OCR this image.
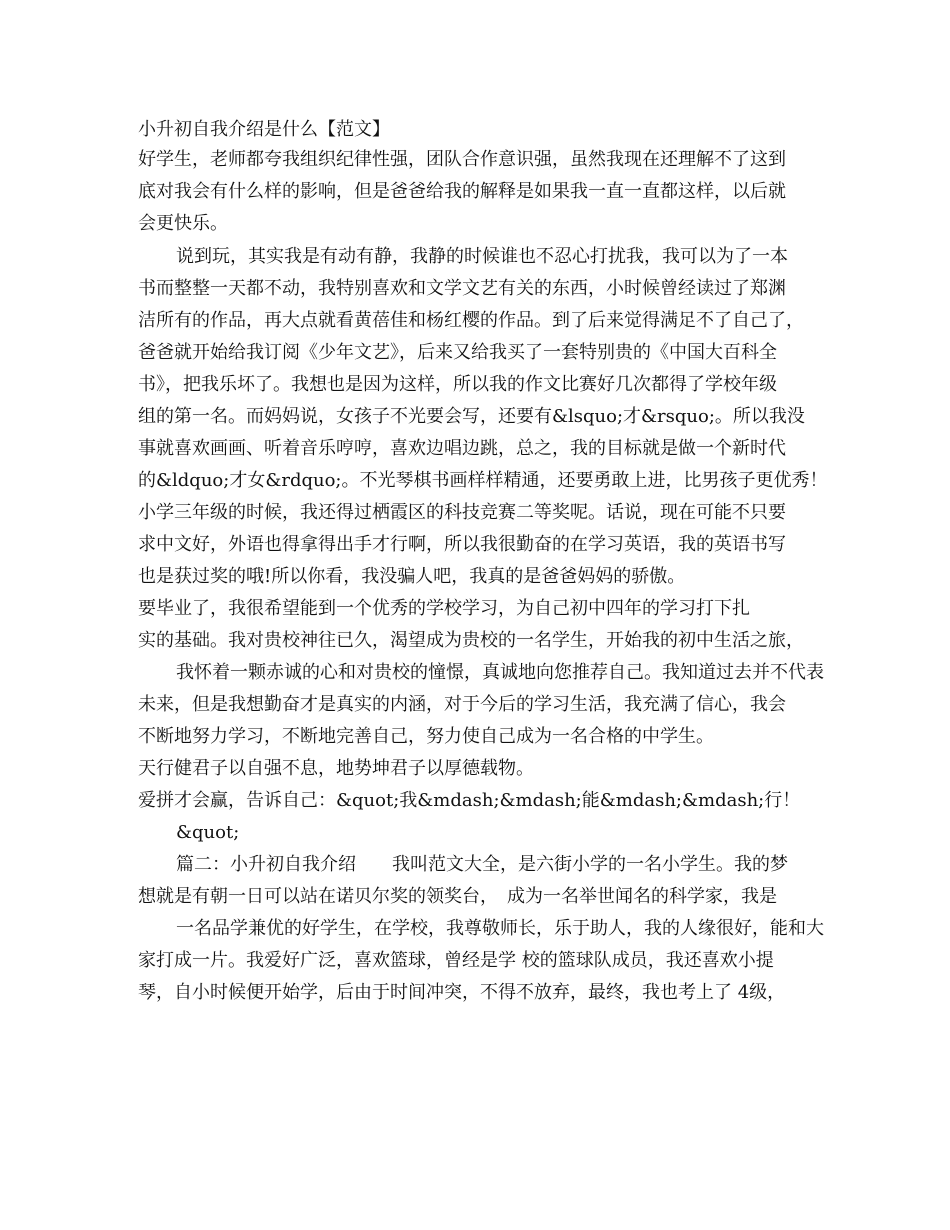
小升初自我介绍是什么【范文】
好学生，老师都夸我组织纪律性强，团队合作意识强，虽然我现在还理解不了这到
底对我会有什么样的影响，但是爸爸给我的解释是如果我一直一直都这样，以后就
会更快乐。
说到玩，其实我是有动有静，我静的时候谁也不忍心打扰我，我可以为了一本
书而整整一天都不动，我特别喜欢和文学文艺有关的东西，小时候曾经读过了郑渊
洁所有的作品，再大点就看黄蓓佳和杨红樱的作品。到了后来觉得满足不了自己了，
爸爸就开始给我订阅《少年文艺》，后来又给我买了一套特别贵的《中国大百科全
书》，把我乐坏了。我想也是因为这样，所以我的作文比赛好几次都得了学校年级
组的第一名。而妈妈说，女孩子不光要会写，还要有&lsquo;才&rsquo;。所以我没
事就喜欢画画、听着音乐哼哼，喜欢边唱边跳，总之，我的目标就是做一个新时代
的&ldquo;才女&rdquo;。不光琴棋书画样样精通，还要勇敢上进，比男孩子更优秀！
小学三年级的时候，我还得过栖霞区的科技竞赛二等奖呢。话说，现在可能不只要
求中文好，外语也得拿得出手才行啊，所以我很勤奋的在学习英语，我的英语书写
也是获过奖的哦!所以你看，我没骗人吧，我真的是爸爸妈妈的骄傲。
要毕业了，我很希望能到一个优秀的学校学习，为自己初中四年的学习打下扎
实的基础。我对贵校神往已久，渴望成为贵校的一名学生，开始我的初中生活之旅，
我怀着一颗赤诚的心和对贵校的憧憬，真诚地向您推荐自己。我知道过去并不代表
未来，但是我想勤奋才是真实的内涵，对于今后的学习生活，我充满了信心，我会
不断地努力学习，不断地完善自己，努力使自己成为一名合格的中学生。
天行健君子以自强不息，地势坤君子以厚德载物。
爱拼才会赢，告诉自己：&quot;我&mdash;&mdash;能&mdash;&mdash;行！
&quot;
篇二：小升初自我介绍　　我叫范文大全，是六街小学的一名小学生。我的梦
想就是有朝一日可以站在诺贝尔奖的领奖台，　成为一名举世闻名的科学家，我是
一名品学兼优的好学生，在学校，我尊敬师长，乐于助人，我的人缘很好，能和大
家打成一片。我爱好广泛，喜欢篮球，曾经是学 校的篮球队成员，我还喜欢小提
琴，自小时候便开始学，后由于时间冲突，不得不放弃，最终，我也考上了 4级，
